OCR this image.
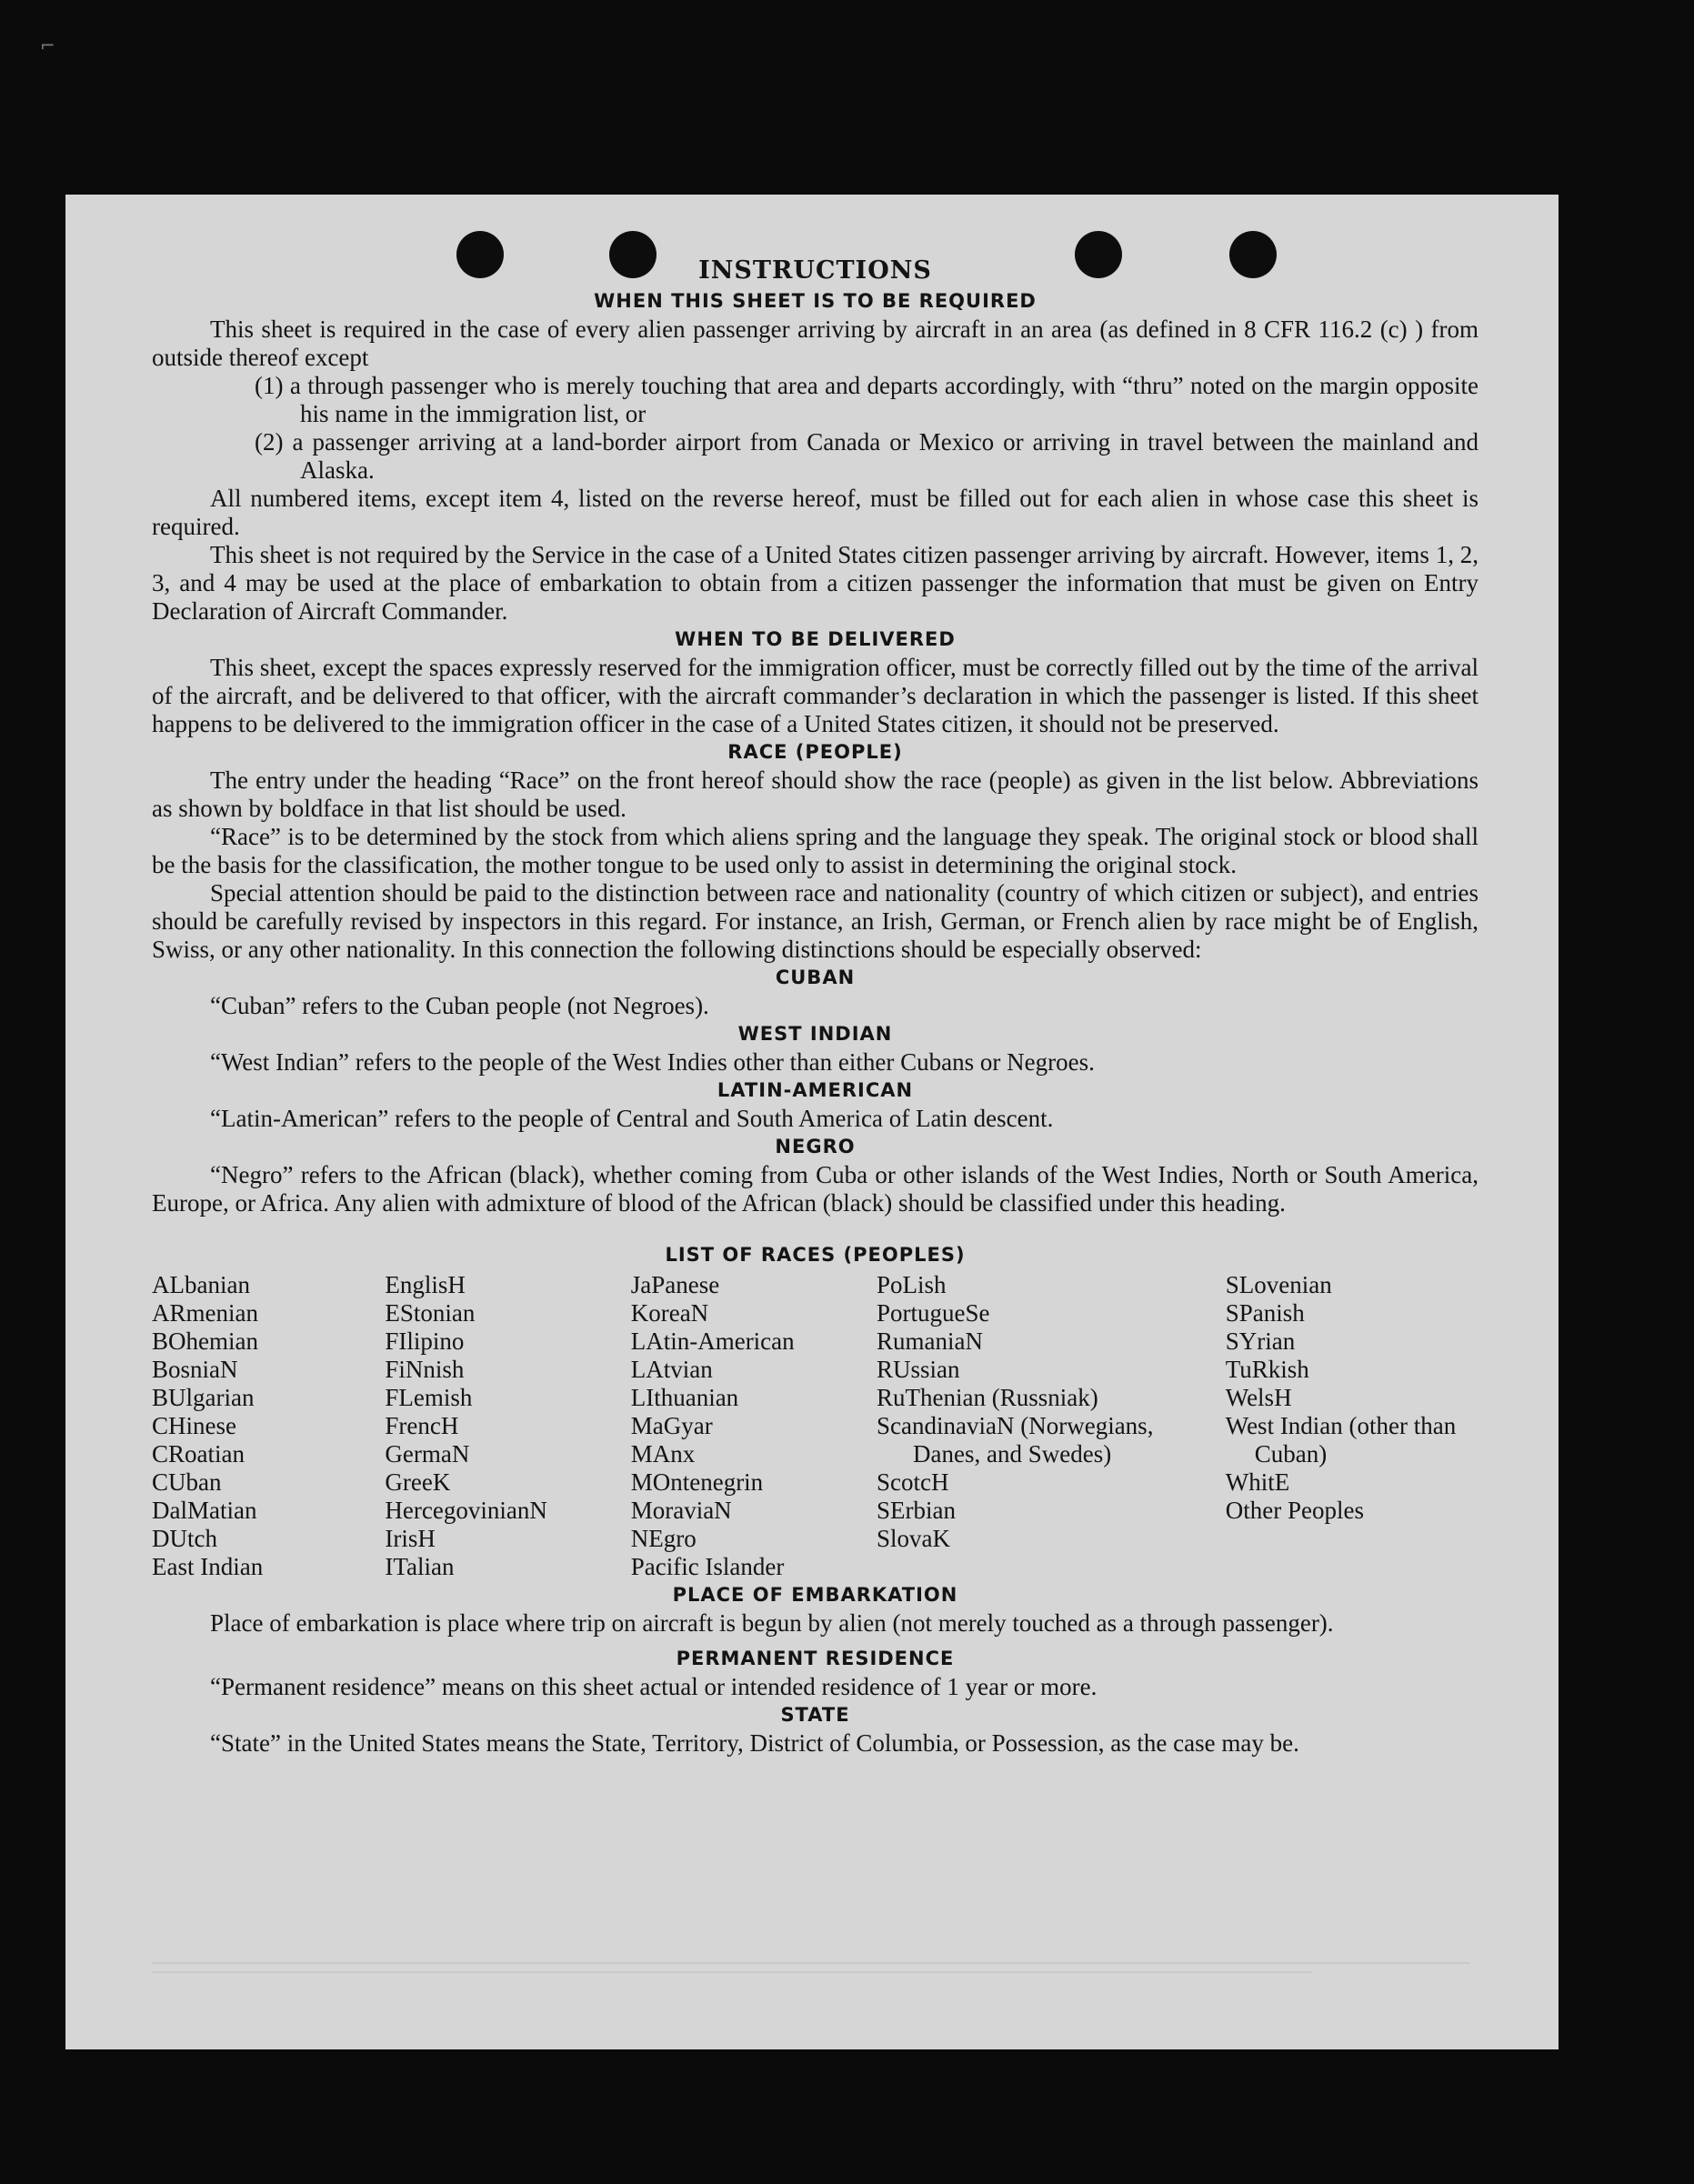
⌐
INSTRUCTIONS
WHEN THIS SHEET IS TO BE REQUIRED

This sheet is required in the case of every alien passenger arriving by aircraft in an area (as defined in 8 CFR 116.2 (c) ) from outside thereof except

(1) a through passenger who is merely touching that area and departs accordingly, with “thru” noted on the margin opposite his name in the immigration list, or

(2) a passenger arriving at a land-border airport from Canada or Mexico or arriving in travel between the mainland and Alaska.

All numbered items, except item 4, listed on the reverse hereof, must be filled out for each alien in whose case this sheet is required.

This sheet is not required by the Service in the case of a United States citizen passenger arriving by aircraft. However, items 1, 2, 3, and 4 may be used at the place of embarkation to obtain from a citizen passenger the information that must be given on Entry Declaration of Aircraft Commander.

WHEN TO BE DELIVERED

This sheet, except the spaces expressly reserved for the immigration officer, must be correctly filled out by the time of the arrival of the aircraft, and be delivered to that officer, with the aircraft commander’s declaration in which the passenger is listed. If this sheet happens to be delivered to the immigration officer in the case of a United States citizen, it should not be preserved.

RACE (PEOPLE)

The entry under the heading “Race” on the front hereof should show the race (people) as given in the list below. Abbreviations as shown by boldface in that list should be used.

“Race” is to be determined by the stock from which aliens spring and the language they speak. The original stock or blood shall be the basis for the classification, the mother tongue to be used only to assist in determining the original stock.

Special attention should be paid to the distinction between race and nationality (country of which citizen or subject), and entries should be carefully revised by inspectors in this regard. For instance, an Irish, German, or French alien by race might be of English, Swiss, or any other nationality. In this connection the following distinctions should be especially observed:

CUBAN

“Cuban” refers to the Cuban people (not Negroes).

WEST INDIAN

“West Indian” refers to the people of the West Indies other than either Cubans or Negroes.

LATIN-AMERICAN

“Latin-American” refers to the people of Central and South America of Latin descent.

NEGRO

“Negro” refers to the African (black), whether coming from Cuba or other islands of the West Indies, North or South America, Europe, or Africa. Any alien with admixture of blood of the African (black) should be classified under this heading.

LIST OF RACES (PEOPLES)
ALbanian
ARmenian
BOhemian
BosniaN
BUlgarian
CHinese
CRoatian
CUban
DalMatian
DUtch
East Indian
EnglisH
EStonian
FIlipino
FiNnish
FLemish
FrencH
GermaN
GreeK
HercegovinianN
IrisH
ITalian
JaPanese
KoreaN
LAtin-American
LAtvian
LIthuanian
MaGyar
MAnx
MOntenegrin
MoraviaN
NEgro
Pacific Islander
PoLish
PortugueSe
RumaniaN
RUssian
RuThenian (Russniak)
ScandinaviaN (Norwegians, Danes, and Swedes)
ScotcH
SErbian
SlovaK
SLovenian
SPanish
SYrian
TuRkish
WelsH
West Indian (other than Cuban)
WhitE
Other Peoples
PLACE OF EMBARKATION

Place of embarkation is place where trip on aircraft is begun by alien (not merely touched as a through passenger).

PERMANENT RESIDENCE

“Permanent residence” means on this sheet actual or intended residence of 1 year or more.

STATE

“State” in the United States means the State, Territory, District of Columbia, or Possession, as the case may be.
